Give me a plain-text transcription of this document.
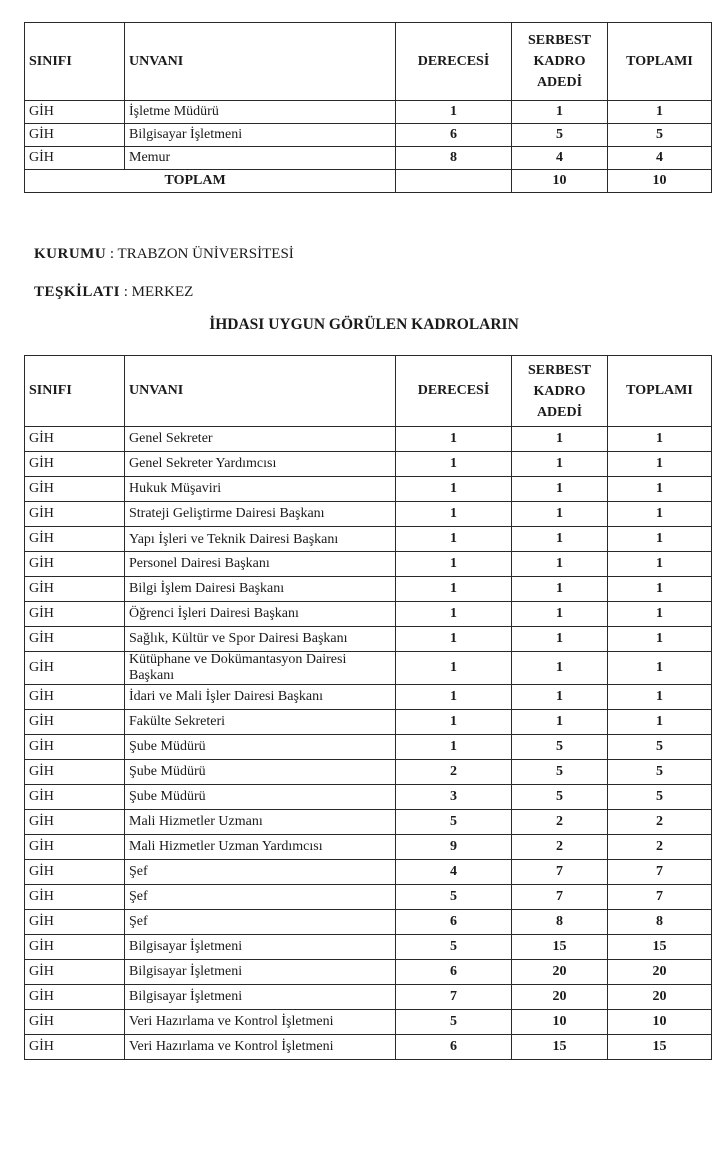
SINIFI	UNVANI	DERECESİ	SERBEST KADRO ADEDİ	TOPLAMI
GİH	İşletme Müdürü	1	1	1
GİH	Bilgisayar İşletmeni	6	5	5
GİH	Memur	8	4	4
	TOPLAM		10	10
KURUMU : TRABZON ÜNİVERSİTESİ
TEŞKİLATI : MERKEZ
İHDASI UYGUN GÖRÜLEN KADROLARIN
SINIFI	UNVANI	DERECESİ	SERBEST KADRO ADEDİ	TOPLAMI
GİH	Genel Sekreter	1	1	1
GİH	Genel Sekreter Yardımcısı	1	1	1
GİH	Hukuk Müşaviri	1	1	1
GİH	Strateji Geliştirme Dairesi Başkanı	1	1	1
GİH	Yapı İşleri ve Teknik Dairesi Başkanı	1	1	1
GİH	Personel Dairesi Başkanı	1	1	1
GİH	Bilgi İşlem Dairesi Başkanı	1	1	1
GİH	Öğrenci İşleri Dairesi Başkanı	1	1	1
GİH	Sağlık, Kültür ve Spor Dairesi Başkanı	1	1	1
GİH	Kütüphane ve Dokümantasyon Dairesi Başkanı	1	1	1
GİH	İdari ve Mali İşler Dairesi Başkanı	1	1	1
GİH	Fakülte Sekreteri	1	1	1
GİH	Şube Müdürü	1	5	5
GİH	Şube Müdürü	2	5	5
GİH	Şube Müdürü	3	5	5
GİH	Mali Hizmetler Uzmanı	5	2	2
GİH	Mali Hizmetler Uzman Yardımcısı	9	2	2
GİH	Şef	4	7	7
GİH	Şef	5	7	7
GİH	Şef	6	8	8
GİH	Bilgisayar İşletmeni	5	15	15
GİH	Bilgisayar İşletmeni	6	20	20
GİH	Bilgisayar İşletmeni	7	20	20
GİH	Veri Hazırlama ve Kontrol İşletmeni	5	10	10
GİH	Veri Hazırlama ve Kontrol İşletmeni	6	15	15
